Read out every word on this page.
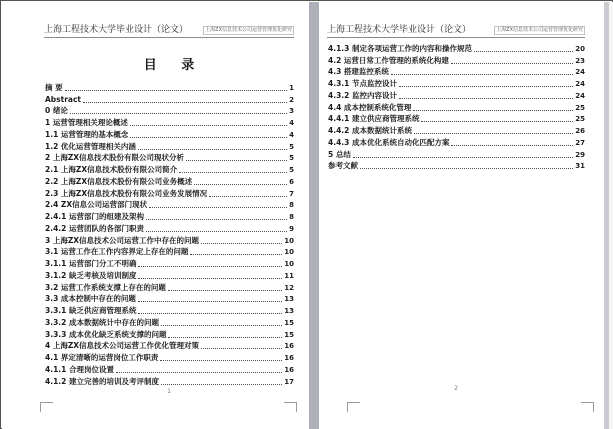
上海工程技术大学毕业设计（论文）	上海ZX信息技术公司运营管理优化研究
目 录
摘 要	1
Abstract	2
0 绪论	3
1 运营管理相关理论概述	4
1.1 运营管理的基本概念	4
1.2 优化运营管理相关内涵	5
2 上海ZX信息技术股份有限公司现状分析	5
2.1 上海ZX信息技术股份有限公司简介	5
2.2 上海ZX信息技术股份有限公司业务概述	6
2.3 上海ZX信息技术股份有限公司业务发展情况	7
2.4 ZX信息公司运营部门现状	8
2.4.1 运营部门的组建及架构	8
2.4.2 运营团队的各部门职责	9
3 上海ZX信息技术公司运营工作中存在的问题	10
3.1 运营工作在工作内容界定上存在的问题	10
3.1.1 运营部门分工不明确	10
3.1.2 缺乏考核及培训制度	11
3.2 运营工作系统支撑上存在的问题	12
3.3 成本控制中存在的问题	13
3.3.1 缺乏供应商管理系统	13
3.3.2 成本数据统计中存在的问题	15
3.3.3 成本优化缺乏系统支撑的问题	15
4 上海ZX信息技术公司运营工作优化管理对策	16
4.1 界定清晰的运营岗位工作职责	16
4.1.1 合理岗位设置	16
4.1.2 建立完善的培训及考评制度	17
1
上海工程技术大学毕业设计（论文）	上海ZX信息技术公司运营管理优化研究
4.1.3 制定各项运营工作的内容和操作规范	20
4.2 运营日常工作管理的系统化构建	23
4.3 搭建监控系统	24
4.3.1 节点监控设计	24
4.3.2 监控内容设计	24
4.4 成本控制系统化管理	25
4.4.1 建立供应商管理系统	25
4.4.2 成本数据统计系统	26
4.4.3 成本优化系统自动化匹配方案	27
5 总结	29
参考文献	31
2
